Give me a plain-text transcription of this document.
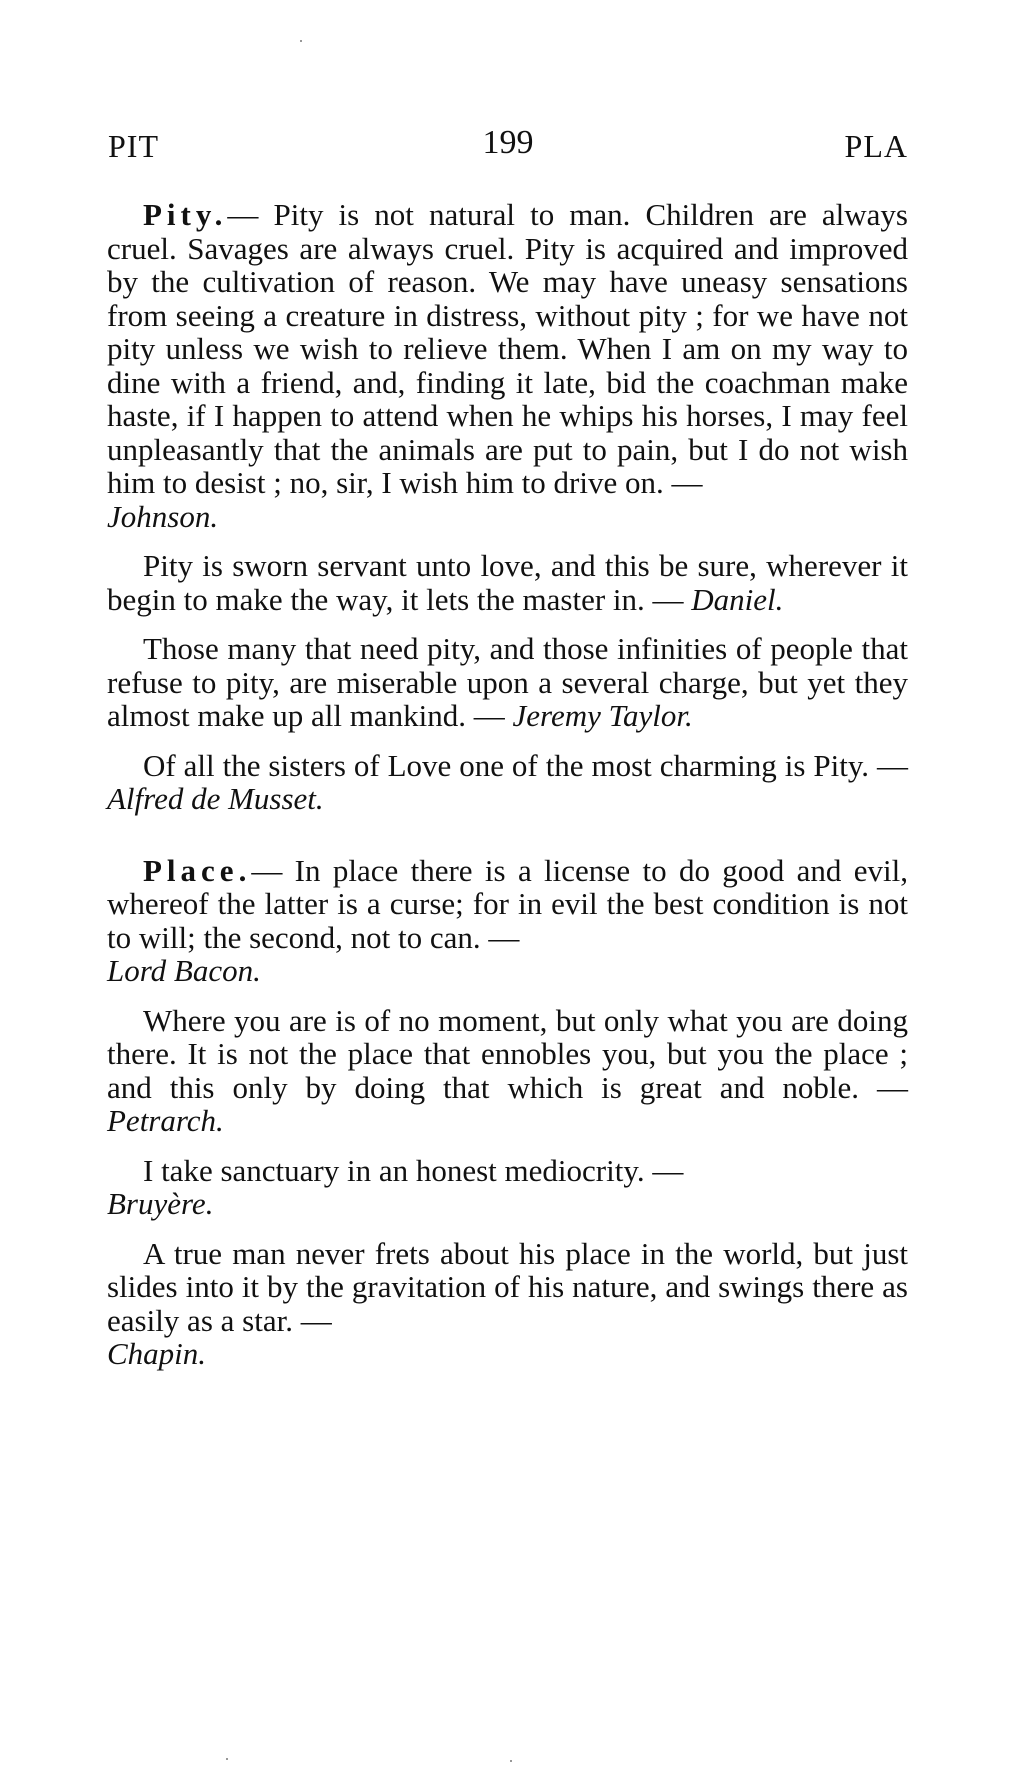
PIT	199	PLA

Pity.— Pity is not natural to man. Children are always cruel. Savages are always cruel. Pity is acquired and improved by the cultivation of reason. We may have uneasy sensations from seeing a creature in distress, without pity ; for we have not pity unless we wish to relieve them. When I am on my way to dine with a friend, and, finding it late, bid the coachman make haste, if I happen to attend when he whips his horses, I may feel unpleasantly that the animals are put to pain, but I do not wish him to desist ; no, sir, I wish him to drive on. —
Johnson.

Pity is sworn servant unto love, and this be sure, wherever it begin to make the way, it lets the master in. — Daniel.

Those many that need pity, and those infinities of people that refuse to pity, are miserable upon a several charge, but yet they almost make up all mankind. — Jeremy Taylor.

Of all the sisters of Love one of the most charming is Pity. — Alfred de Musset.

Place.— In place there is a license to do good and evil, whereof the latter is a curse; for in evil the best condition is not to will; the second, not to can. —
Lord Bacon.

Where you are is of no moment, but only what you are doing there. It is not the place that ennobles you, but you the place ; and this only by doing that which is great and noble. — Petrarch.

I take sanctuary in an honest mediocrity. —
Bruyère.

A true man never frets about his place in the world, but just slides into it by the gravitation of his nature, and swings there as easily as a star. —
Chapin.
